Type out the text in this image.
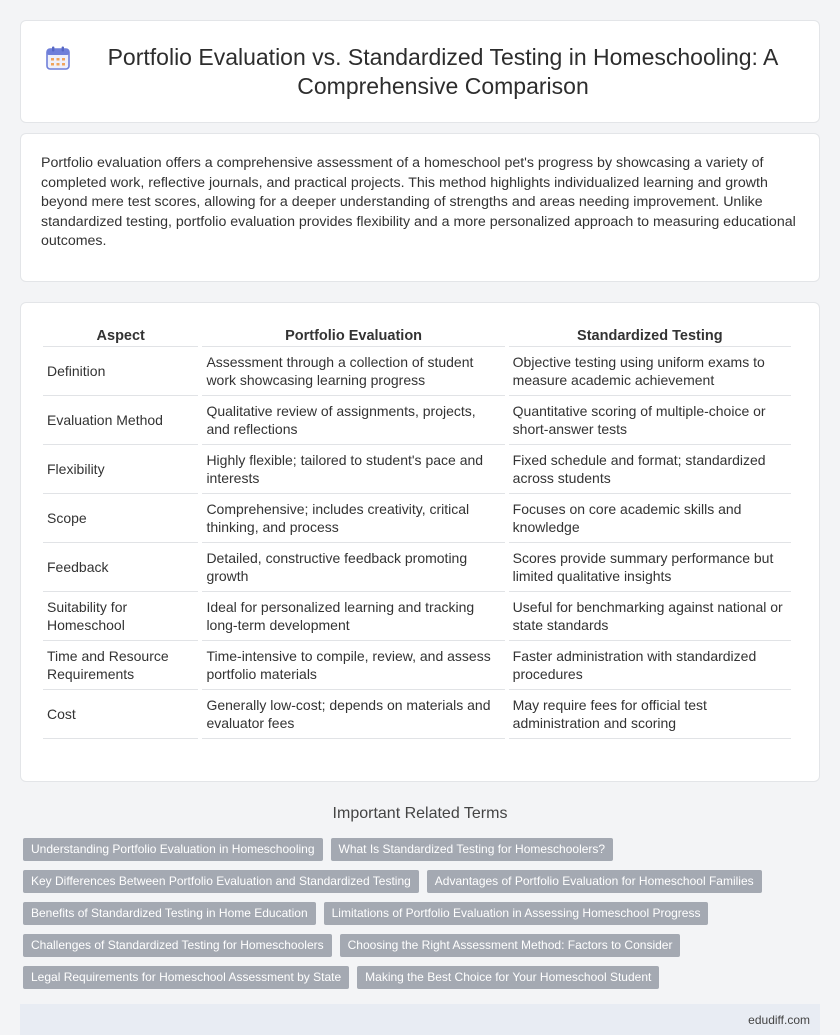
Portfolio Evaluation vs. Standardized Testing in Homeschooling: A Comprehensive Comparison
Portfolio evaluation offers a comprehensive assessment of a homeschool pet's progress by showcasing a variety of completed work, reflective journals, and practical projects. This method highlights individualized learning and growth beyond mere test scores, allowing for a deeper understanding of strengths and areas needing improvement. Unlike standardized testing, portfolio evaluation provides flexibility and a more personalized approach to measuring educational outcomes.
Aspect	Portfolio Evaluation	Standardized Testing
Definition	Assessment through a collection of student work showcasing learning progress	Objective testing using uniform exams to measure academic achievement
Evaluation Method	Qualitative review of assignments, projects, and reflections	Quantitative scoring of multiple-choice or short-answer tests
Flexibility	Highly flexible; tailored to student's pace and interests	Fixed schedule and format; standardized across students
Scope	Comprehensive; includes creativity, critical thinking, and process	Focuses on core academic skills and knowledge
Feedback	Detailed, constructive feedback promoting growth	Scores provide summary performance but limited qualitative insights
Suitability for Homeschool	Ideal for personalized learning and tracking long-term development	Useful for benchmarking against national or state standards
Time and Resource Requirements	Time-intensive to compile, review, and assess portfolio materials	Faster administration with standardized procedures
Cost	Generally low-cost; depends on materials and evaluator fees	May require fees for official test administration and scoring
Important Related Terms
Understanding Portfolio Evaluation in Homeschooling	What Is Standardized Testing for Homeschoolers?
Key Differences Between Portfolio Evaluation and Standardized Testing	Advantages of Portfolio Evaluation for Homeschool Families
Benefits of Standardized Testing in Home Education	Limitations of Portfolio Evaluation in Assessing Homeschool Progress
Challenges of Standardized Testing for Homeschoolers	Choosing the Right Assessment Method: Factors to Consider
Legal Requirements for Homeschool Assessment by State	Making the Best Choice for Your Homeschool Student
edudiff.com
